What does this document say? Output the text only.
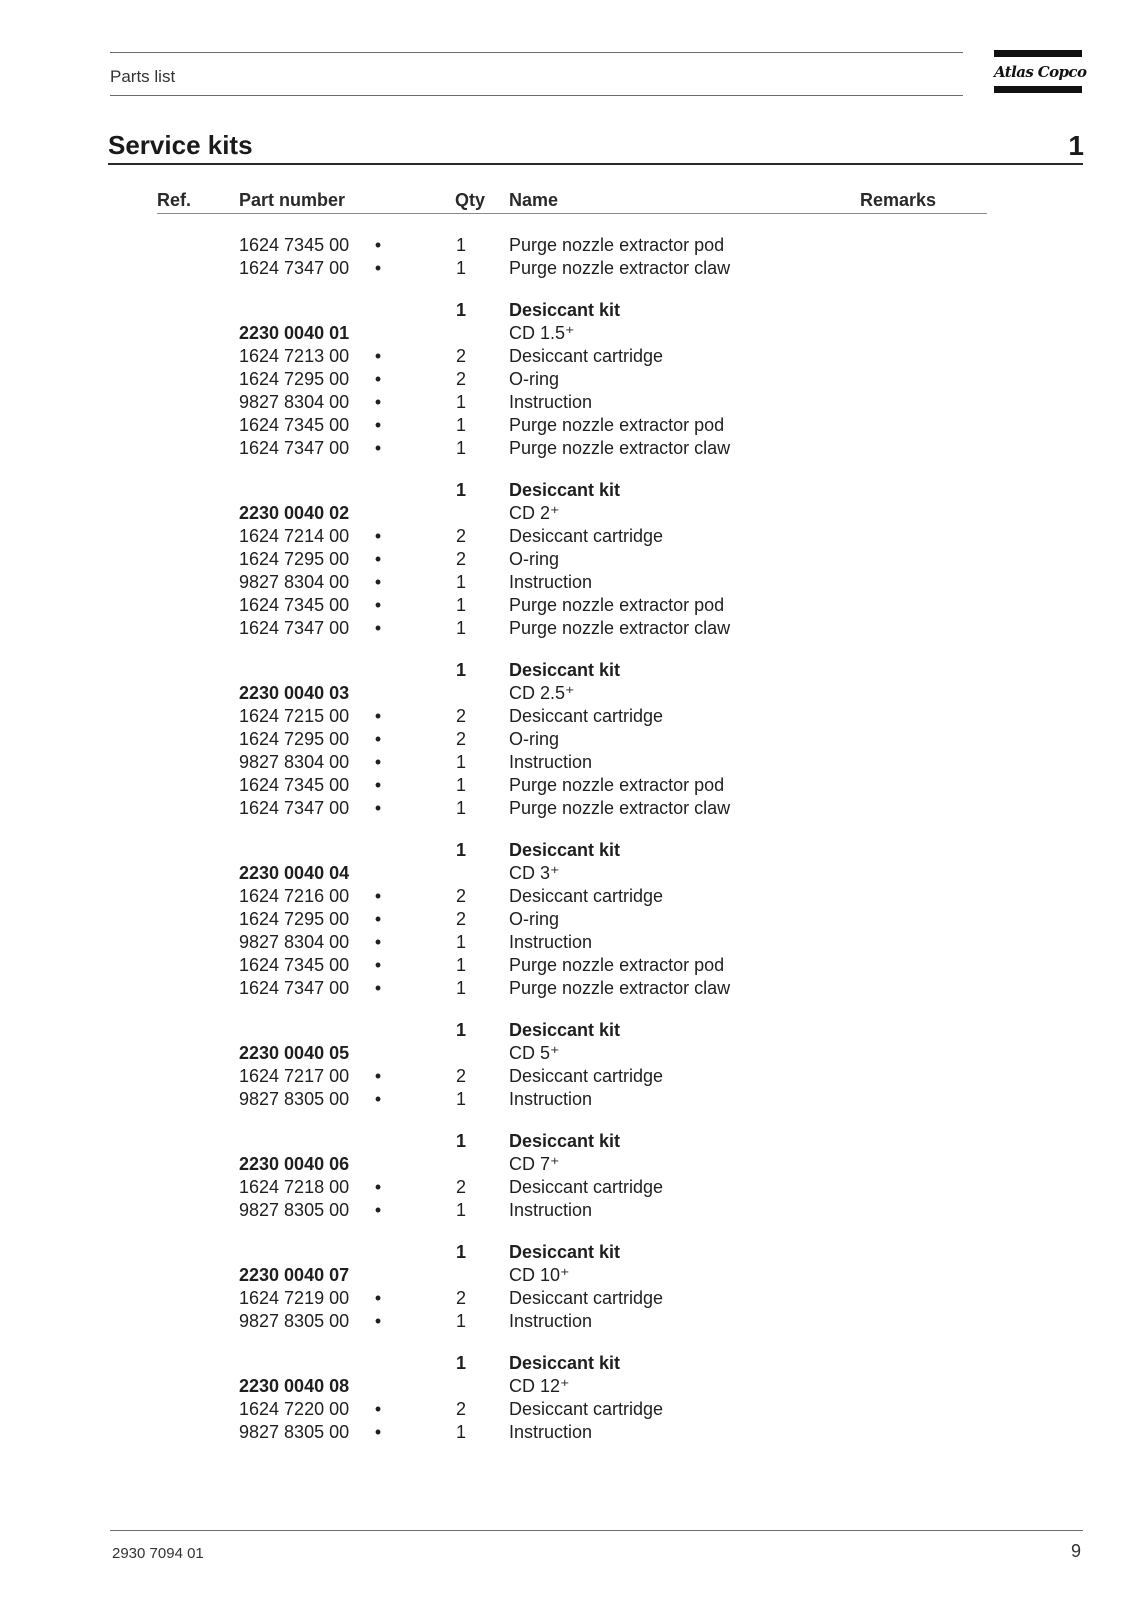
Parts list	Atlas Copco
Service kits	1
Ref.	Part number	Qty Name	Remarks
1624 7345 00 •	1 Purge nozzle extractor pod
1624 7347 00 •	1 Purge nozzle extractor claw
1 Desiccant kit
2230 0040 01	CD 1.5⁺
1624 7213 00 •	2 Desiccant cartridge
1624 7295 00 •	2 O-ring
9827 8304 00 •	1 Instruction
1624 7345 00 •	1 Purge nozzle extractor pod
1624 7347 00 •	1 Purge nozzle extractor claw
1 Desiccant kit
2230 0040 02	CD 2⁺
1624 7214 00 •	2 Desiccant cartridge
1624 7295 00 •	2 O-ring
9827 8304 00 •	1 Instruction
1624 7345 00 •	1 Purge nozzle extractor pod
1624 7347 00 •	1 Purge nozzle extractor claw
1 Desiccant kit
2230 0040 03	CD 2.5⁺
1624 7215 00 •	2 Desiccant cartridge
1624 7295 00 •	2 O-ring
9827 8304 00 •	1 Instruction
1624 7345 00 •	1 Purge nozzle extractor pod
1624 7347 00 •	1 Purge nozzle extractor claw
1 Desiccant kit
2230 0040 04	CD 3⁺
1624 7216 00 •	2 Desiccant cartridge
1624 7295 00 •	2 O-ring
9827 8304 00 •	1 Instruction
1624 7345 00 •	1 Purge nozzle extractor pod
1624 7347 00 •	1 Purge nozzle extractor claw
1 Desiccant kit
2230 0040 05	CD 5⁺
1624 7217 00 •	2 Desiccant cartridge
9827 8305 00 •	1 Instruction
1 Desiccant kit
2230 0040 06	CD 7⁺
1624 7218 00 •	2 Desiccant cartridge
9827 8305 00 •	1 Instruction
1 Desiccant kit
2230 0040 07	CD 10⁺
1624 7219 00 •	2 Desiccant cartridge
9827 8305 00 •	1 Instruction
1 Desiccant kit
2230 0040 08	CD 12⁺
1624 7220 00 •	2 Desiccant cartridge
9827 8305 00 •	1 Instruction
2930 7094 01	9
